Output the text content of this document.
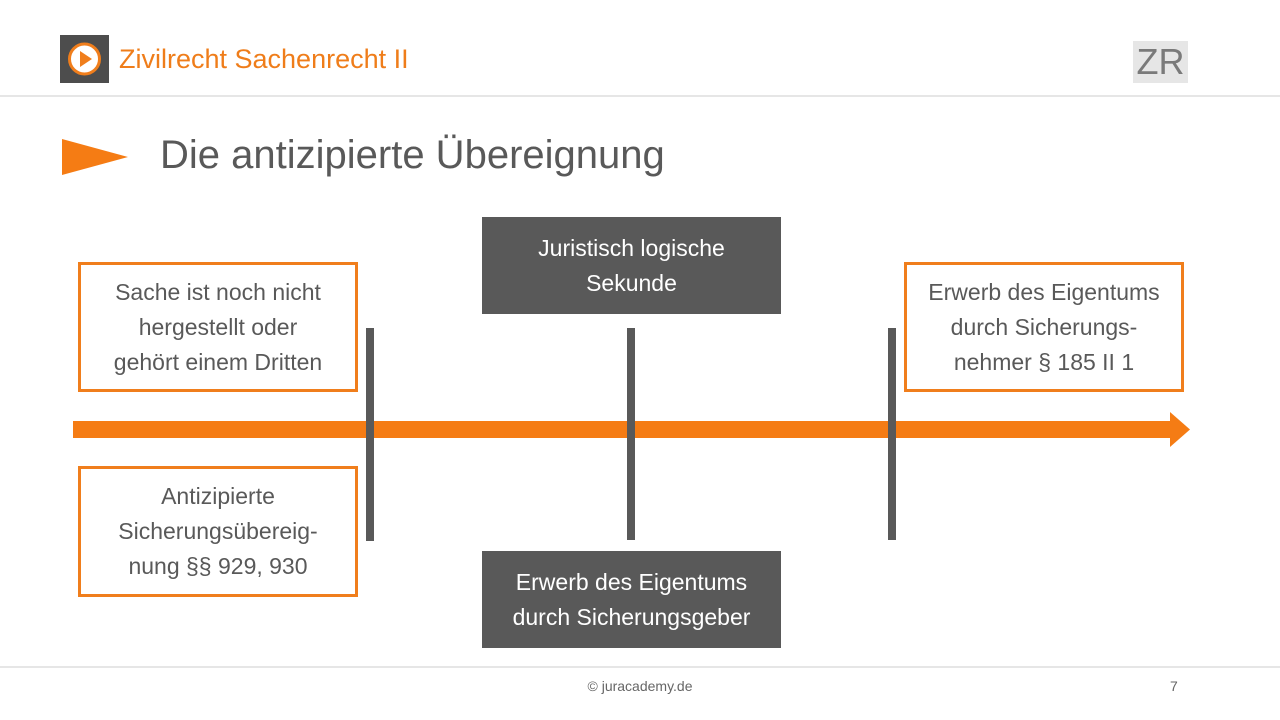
Zivilrecht Sachenrecht II	ZR
Die antizipierte Übereignung
Sache ist noch nicht
hergestellt oder
gehört einem Dritten
Antizipierte
Sicherungsübereig-
nung §§ 929, 930
Juristisch logische
Sekunde
Erwerb des Eigentums
durch Sicherungsgeber
Erwerb des Eigentums
durch Sicherungs-
nehmer § 185 II 1
© juracademy.de	7
